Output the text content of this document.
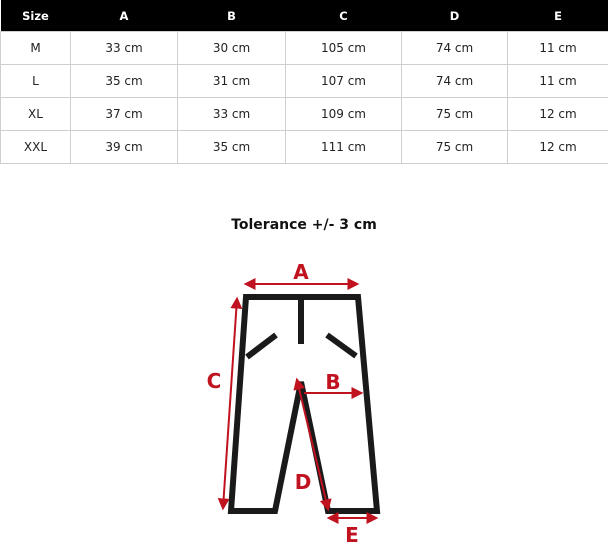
Size	A	B	C	D	E
M	33 cm	30 cm	105 cm	74 cm	11 cm
L	35 cm	31 cm	107 cm	74 cm	11 cm
XL	37 cm	33 cm	109 cm	75 cm	12 cm
XXL	39 cm	35 cm	111 cm	75 cm	12 cm
Tolerance +/- 3 cm
A
B
C
D
E
